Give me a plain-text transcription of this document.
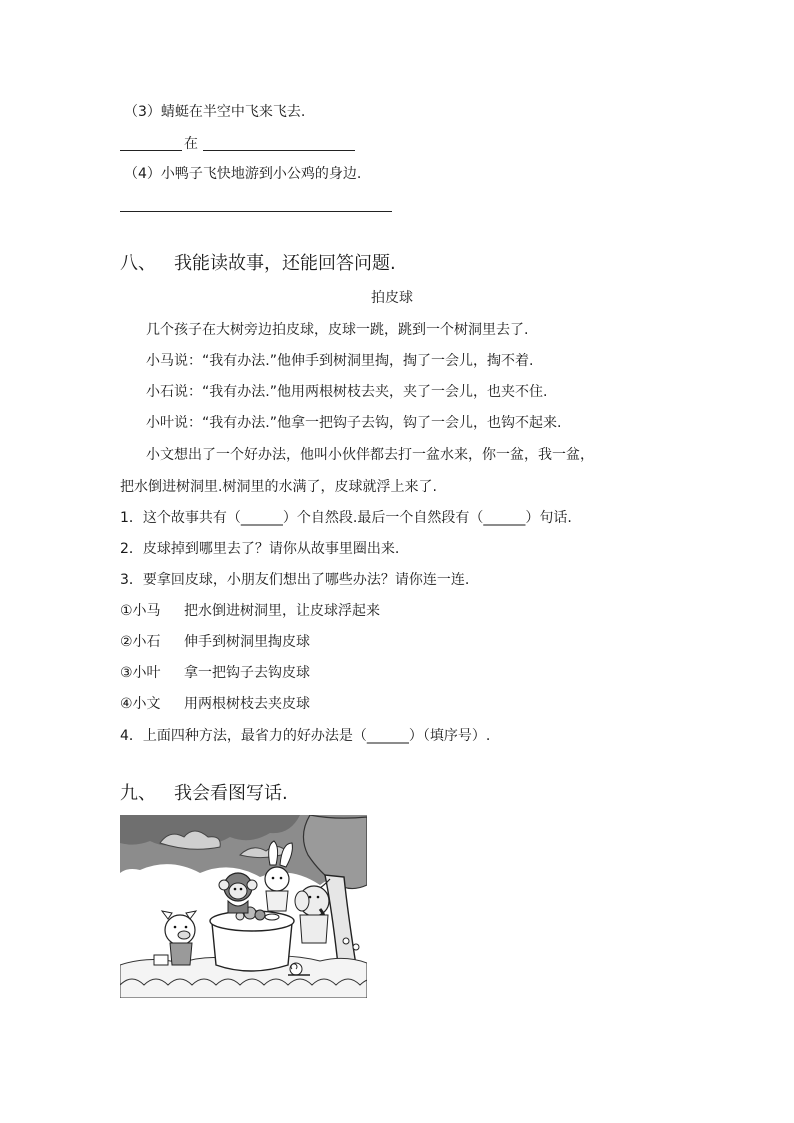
（3）蜻蜓在半空中飞来飞去.
在
（4）小鸭子飞快地游到小公鸡的身边.
八、 我能读故事，还能回答问题.
拍皮球
几个孩子在大树旁边拍皮球，皮球一跳，跳到一个树洞里去了.
小马说：“我有办法.”他伸手到树洞里掏，掏了一会儿，掏不着.
小石说：“我有办法.”他用两根树枝去夹，夹了一会儿，也夹不住.
小叶说：“我有办法.”他拿一把钩子去钩，钩了一会儿，也钩不起来.
小文想出了一个好办法，他叫小伙伴都去打一盆水来，你一盆，我一盆，
把水倒进树洞里.树洞里的水满了，皮球就浮上来了.
1．这个故事共有（______）个自然段.最后一个自然段有（______）句话.
2．皮球掉到哪里去了？请你从故事里圈出来.
3．要拿回皮球，小朋友们想出了哪些办法？请你连一连.
①小马 把水倒进树洞里，让皮球浮起来
②小石 伸手到树洞里掏皮球
③小叶 拿一把钩子去钩皮球
④小文 用两根树枝去夹皮球
4．上面四种方法，最省力的好办法是（______）（填序号）.
九、 我会看图写话.
